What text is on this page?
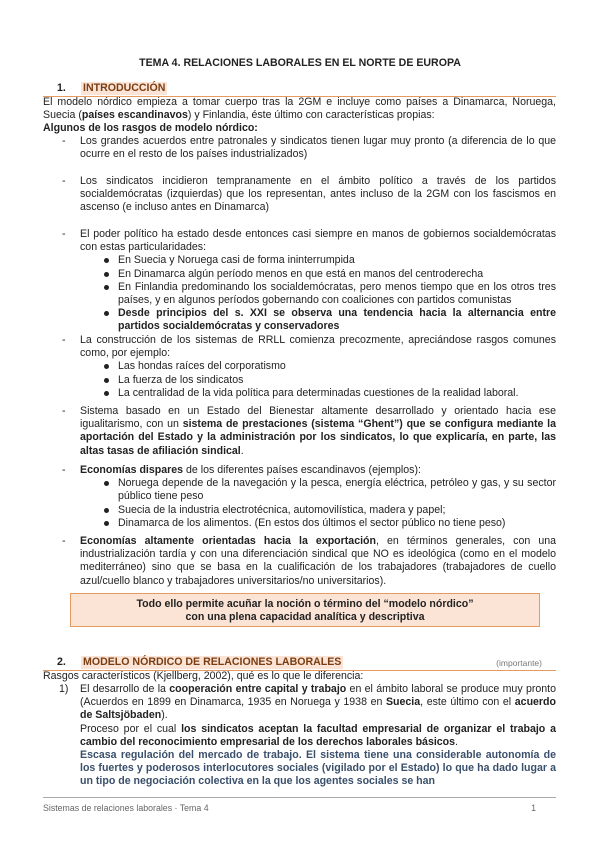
TEMA 4. RELACIONES LABORALES EN EL NORTE DE EUROPA
1. INTRODUCCIÓN

El modelo nórdico empieza a tomar cuerpo tras la 2GM e incluye como países a Dinamarca, Noruega, Suecia (países escandinavos) y Finlandia, éste último con características propias:

Algunos de los rasgos de modelo nórdico:

- Los grandes acuerdos entre patronales y sindicatos tienen lugar muy pronto (a diferencia de lo que ocurre en el resto de los países industrializados)

- Los sindicatos incidieron tempranamente en el ámbito político a través de los partidos socialdemócratas (izquierdas) que los representan, antes incluso de la 2GM con los fascismos en ascenso (e incluso antes en Dinamarca)

- El poder político ha estado desde entonces casi siempre en manos de gobiernos socialdemócratas con estas particularidades:

En Suecia y Noruega casi de forma ininterrumpida
En Dinamarca algún período menos en que está en manos del centroderecha
En Finlandia predominando los socialdemócratas, pero menos tiempo que en los otros tres países, y en algunos períodos gobernando con coaliciones con partidos comunistas
Desde principios del s. XXI se observa una tendencia hacia la alternancia entre partidos socialdemócratas y conservadores
- La construcción de los sistemas de RRLL comienza precozmente, apreciándose rasgos comunes como, por ejemplo:

Las hondas raíces del corporatismo
La fuerza de los sindicatos
La centralidad de la vida política para determinadas cuestiones de la realidad laboral.
- Sistema basado en un Estado del Bienestar altamente desarrollado y orientado hacia ese igualitarismo, con un sistema de prestaciones (sistema “Ghent”) que se configura mediante la aportación del Estado y la administración por los sindicatos, lo que explicaría, en parte, las altas tasas de afiliación sindical.

- Economías dispares de los diferentes países escandinavos (ejemplos):

Noruega depende de la navegación y la pesca, energía eléctrica, petróleo y gas, y su sector público tiene peso
Suecia de la industria electrotécnica, automovilística, madera y papel;
Dinamarca de los alimentos. (En estos dos últimos el sector público no tiene peso)
- Economías altamente orientadas hacia la exportación, en términos generales, con una industrialización tardía y con una diferenciación sindical que NO es ideológica (como en el modelo mediterráneo) sino que se basa en la cualificación de los trabajadores (trabajadores de cuello azul/cuello blanco y trabajadores universitarios/no universitarios).

Todo ello permite acuñar la noción o término del “modelo nórdico”
con una plena capacidad analítica y descriptiva
2. MODELO NÓRDICO DE RELACIONES LABORALES	(importante)
Rasgos característicos (Kjellberg, 2002), qué es lo que le diferencia:
1) El desarrollo de la cooperación entre capital y trabajo en el ámbito laboral se produce muy pronto (Acuerdos en 1899 en Dinamarca, 1935 en Noruega y 1938 en Suecia, este último con el acuerdo de Saltsjöbaden).

Proceso por el cual los sindicatos aceptan la facultad empresarial de organizar el trabajo a cambio del reconocimiento empresarial de los derechos laborales básicos.

Escasa regulación del mercado de trabajo. El sistema tiene una considerable autonomía de los fuertes y poderosos interlocutores sociales (vigilado por el Estado) lo que ha dado lugar a un tipo de negociación colectiva en la que los agentes sociales se han

Sistemas de relaciones laborales · Tema 4	1
